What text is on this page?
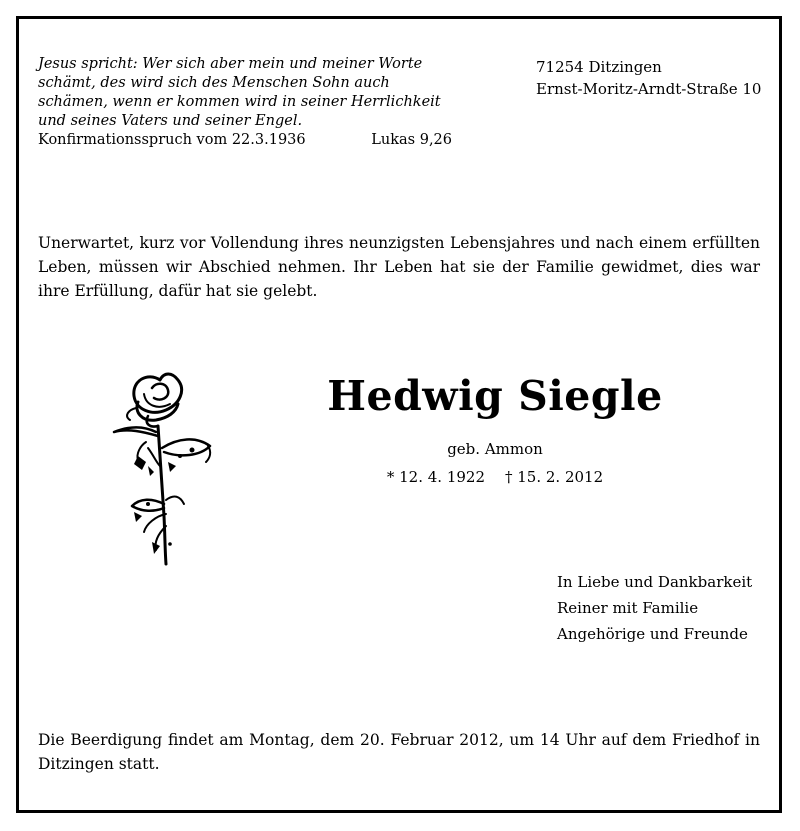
Jesus spricht: Wer sich aber mein und meiner Worte
schämt, des wird sich des Menschen Sohn auch
schämen, wenn er kommen wird in seiner Herrlichkeit
und seines Vaters und seiner Engel.
Konfirmationsspruch vom 22.3.1936	Lukas 9,26
71254 Ditzingen
Ernst-Moritz-Arndt-Straße 10
Unerwartet, kurz vor Vollendung ihres neunzigsten Lebensjahres und nach einem erfüllten Leben, müssen wir Abschied nehmen. Ihr Leben hat sie der Familie gewidmet, dies war ihre Erfüllung, dafür hat sie gelebt.
Hedwig Siegle
geb. Ammon
* 12. 4. 1922 † 15. 2. 2012
In Liebe und Dankbarkeit
Reiner mit Familie
Angehörige und Freunde
Die Beerdigung findet am Montag, dem 20. Februar 2012, um 14 Uhr auf dem Friedhof in Ditzingen statt.
